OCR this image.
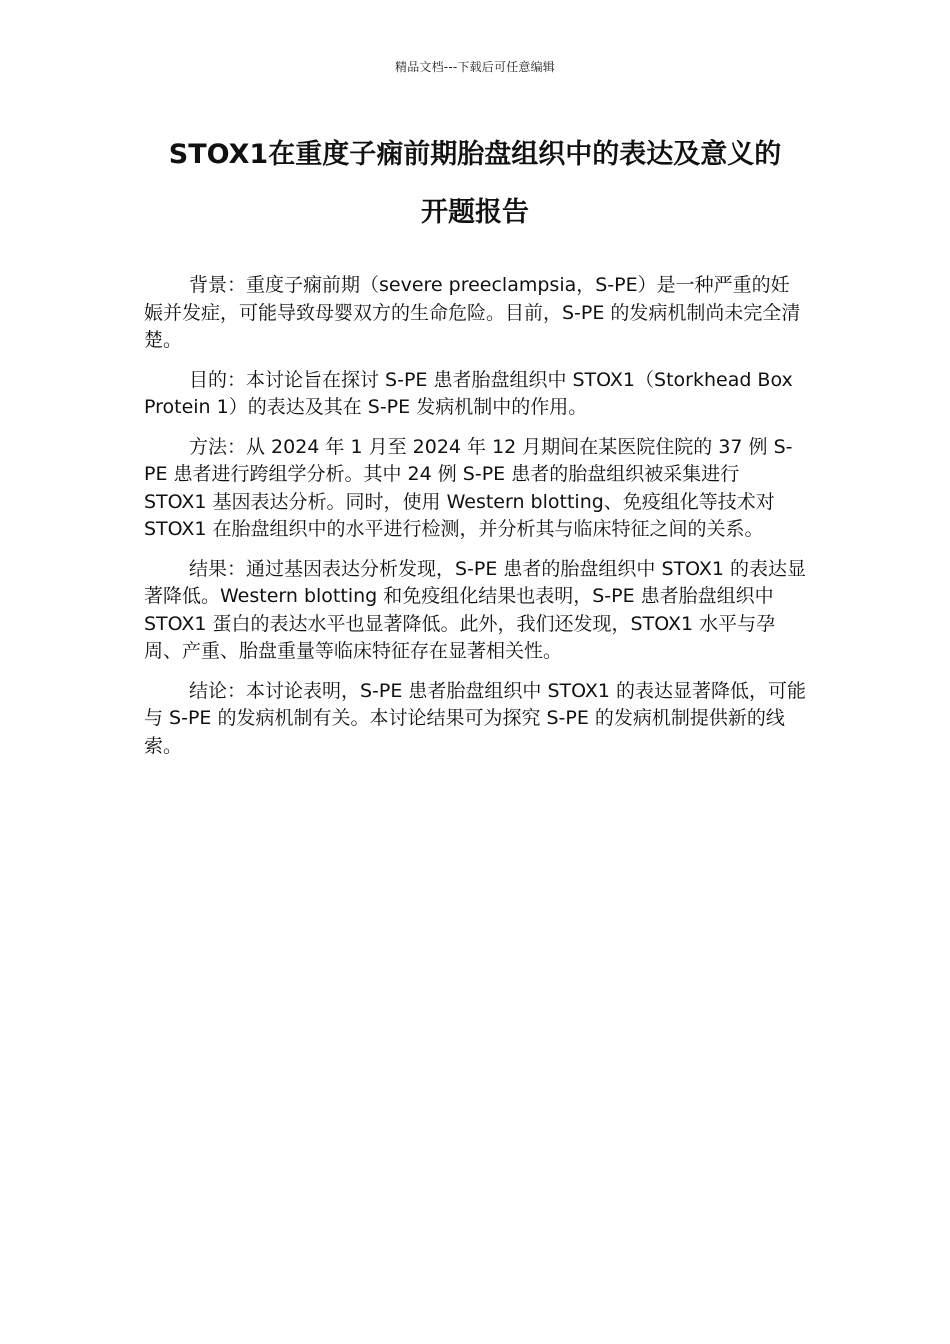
精品文档---下载后可任意编辑
STOX1在重度子痫前期胎盘组织中的表达及意义的
开题报告

背景：重度子痫前期（severe preeclampsia，S-PE）是一种严重的妊娠并发症，可能导致母婴双方的生命危险。目前，S-PE 的发病机制尚未完全清楚。

目的：本讨论旨在探讨 S-PE 患者胎盘组织中 STOX1（Storkhead Box Protein 1）的表达及其在 S-PE 发病机制中的作用。

方法：从 2024 年 1 月至 2024 年 12 月期间在某医院住院的 37 例 S-PE 患者进行跨组学分析。其中 24 例 S-PE 患者的胎盘组织被采集进行 STOX1 基因表达分析。同时，使用 Western blotting、免疫组化等技术对 STOX1 在胎盘组织中的水平进行检测，并分析其与临床特征之间的关系。

结果：通过基因表达分析发现，S-PE 患者的胎盘组织中 STOX1 的表达显著降低。Western blotting 和免疫组化结果也表明，S-PE 患者胎盘组织中 STOX1 蛋白的表达水平也显著降低。此外，我们还发现，STOX1 水平与孕周、产重、胎盘重量等临床特征存在显著相关性。

结论：本讨论表明，S-PE 患者胎盘组织中 STOX1 的表达显著降低，可能与 S-PE 的发病机制有关。本讨论结果可为探究 S-PE 的发病机制提供新的线索。
